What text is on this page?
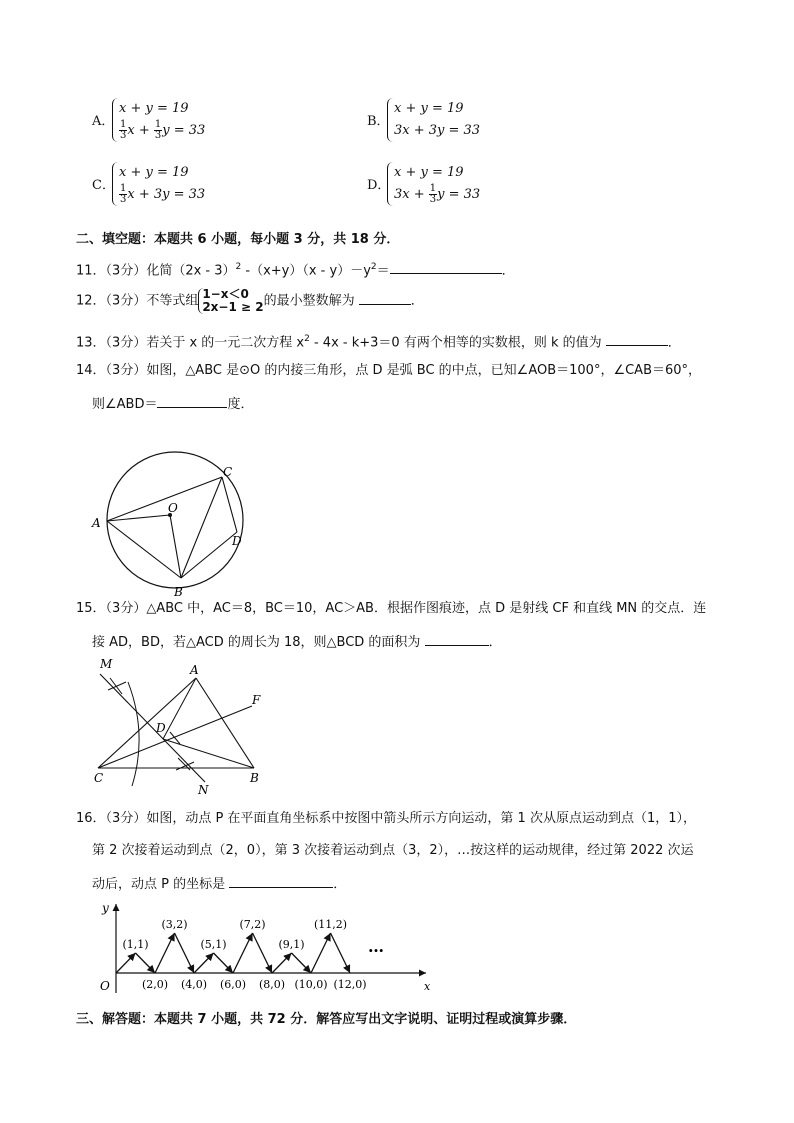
A．
x + y = 19
$\frac{1}{3}$ $x + \frac{1}{3}$ y = 33
B．
x + y = 19
3x + 3y = 33
C．
x + y = 19
$\frac{1}{3}$ x + 3y = 33
D．
x + y = 19
$3x + \frac{1}{3}$ y = 33
二、填空题：本题共 6 小题，每小题 3 分，共 18 分．
11．（3分）化简（2x - 3）$^2$ $-(x+y)(x - y)-y^2=$	．
12．（3分）不等式组 1−x＜0
2x−1 ≥ 2 的最小整数解为	．
13．（3分）若关于 x 的一元二次方程 $x^2 - 4x - k+3=0$ 有两个相等的实数根，则 k 的值为	．
14．（3分）如图，△ABC 是⊙O 的内接三角形，点 D 是弧 BC 的中点，已知∠AOB＝100°，∠CAB＝60°，
则∠ABD＝	度．
A
B
C
D
O
15．（3分）△ABC 中，AC＝8，BC＝10，AC＞AB．根据作图痕迹，点 D 是射线 CF 和直线 MN 的交点．连
接 AD，BD，若△ACD 的周长为 18，则△BCD 的面积为	．
M	A
F
D
C	B
N
16．（3分）如图，动点 P 在平面直角坐标系中按图中箭头所示方向运动，第 1 次从原点运动到点（1，1），
第 2 次接着运动到点（2，0），第 3 次接着运动到点（3，2），…按这样的运动规律，经过第 2022 次运
动后，动点 P 的坐标是	．
y
x
O
(1,1)
(2,0)
(3,2)
(4,0)
(5,1)
(6,0)
(7,2)
(8,0)
(9,1)
(10,0)
(11,2)
(12,0)
…
三、解答题：本题共 7 小题，共 72 分．解答应写出文字说明、证明过程或演算步骤．
